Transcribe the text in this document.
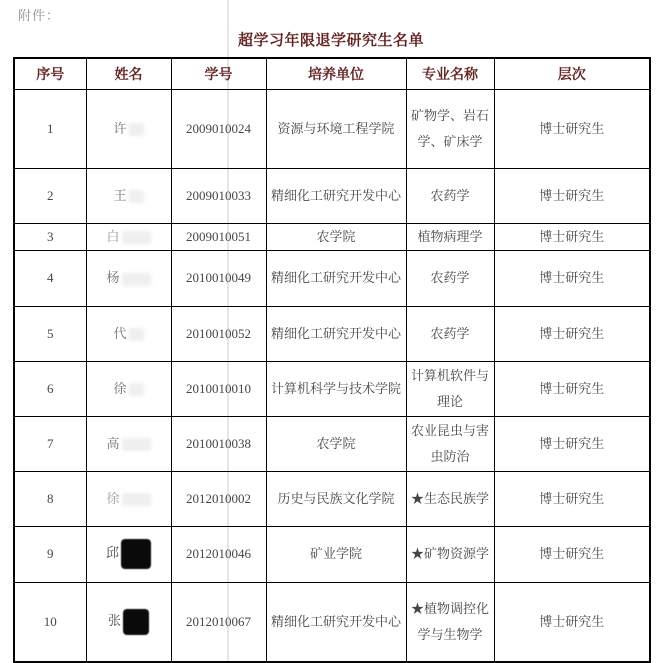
附件：
超学习年限退学研究生名单
序号	姓名	学号	培养单位	专业名称	层次
1	许	2009010024	资源与环境工程学院	矿物学、岩石学、矿床学	博士研究生
2	王	2009010033	精细化工研究开发中心	农药学	博士研究生
3	白	2009010051	农学院	植物病理学	博士研究生
4	杨	2010010049	精细化工研究开发中心	农药学	博士研究生
5	代	2010010052	精细化工研究开发中心	农药学	博士研究生
6	徐	2010010010	计算机科学与技术学院	计算机软件与理论	博士研究生
7	高	2010010038	农学院	农业昆虫与害虫防治	博士研究生
8	徐	2012010002	历史与民族文化学院	★生态民族学	博士研究生
9	邱	2012010046	矿业学院	★矿物资源学	博士研究生
10	张	2012010067	精细化工研究开发中心	★植物调控化学与生物学	博士研究生
